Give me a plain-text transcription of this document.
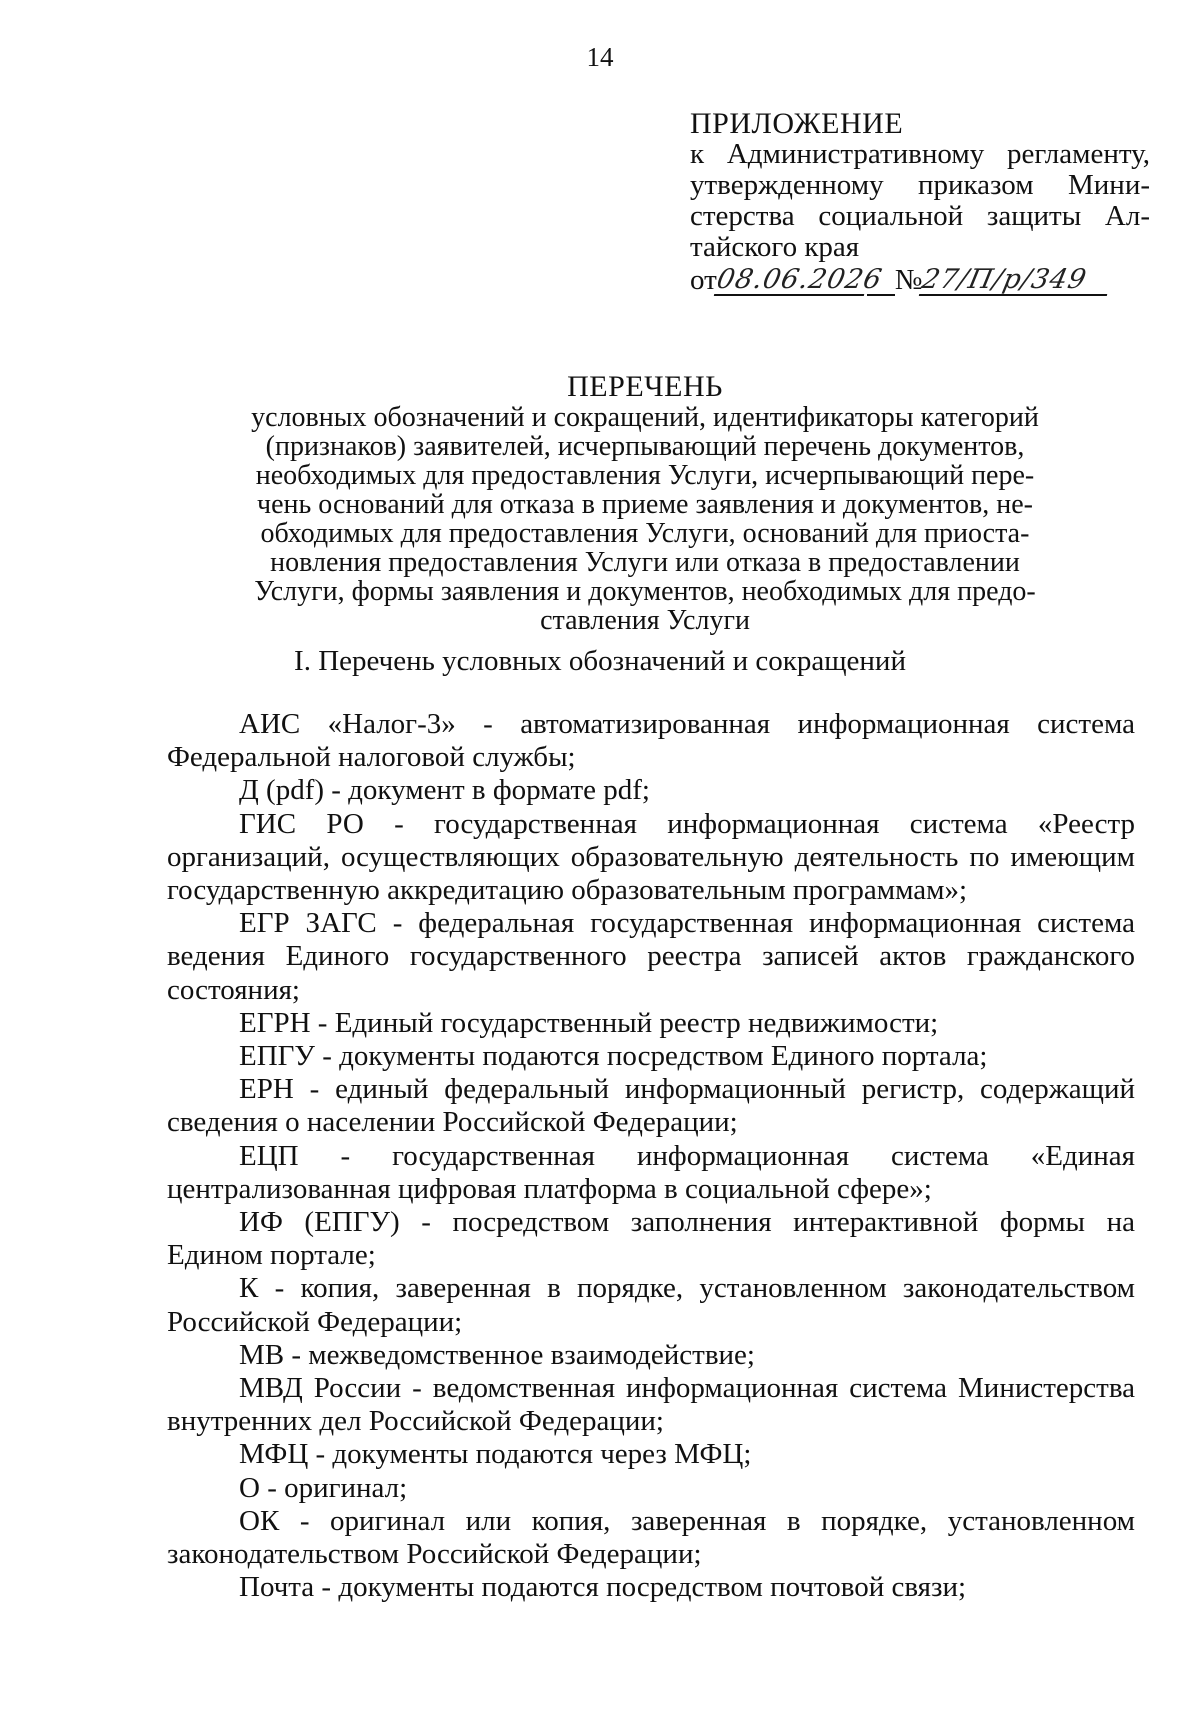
14
ПРИЛОЖЕНИЕ
к Административному регламенту,
утвержденному приказом Мини-
стерства социальной защиты Ал-
тайского края
от
08.06.2026 №
27/П/р/349
ПЕРЕЧЕНЬ
условных обозначений и сокращений, идентификаторы категорий
(признаков) заявителей, исчерпывающий перечень документов,
необходимых для предоставления Услуги, исчерпывающий пере-
чень оснований для отказа в приеме заявления и документов, не-
обходимых для предоставления Услуги, оснований для приоста-
новления предоставления Услуги или отказа в предоставлении
Услуги, формы заявления и документов, необходимых для предо-
ставления Услуги
I. Перечень условных обозначений и сокращений

АИС «Налог-3» - автоматизированная информационная система Федеральной налоговой службы;

Д (pdf) - документ в формате pdf;

ГИС РО - государственная информационная система «Реестр организаций, осуществляющих образовательную деятельность по имеющим государственную аккредитацию образовательным программам»;

ЕГР ЗАГС - федеральная государственная информационная система ведения Единого государственного реестра записей актов гражданского состояния;

ЕГРН - Единый государственный реестр недвижимости;

ЕПГУ - документы подаются посредством Единого портала;

ЕРН - единый федеральный информационный регистр, содержащий сведения о населении Российской Федерации;

ЕЦП - государственная информационная система «Единая централизованная цифровая платформа в социальной сфере»;

ИФ (ЕПГУ) - посредством заполнения интерактивной формы на Едином портале;

К - копия, заверенная в порядке, установленном законодательством Российской Федерации;

МВ - межведомственное взаимодействие;

МВД России - ведомственная информационная система Министерства внутренних дел Российской Федерации;

МФЦ - документы подаются через МФЦ;

О - оригинал;

ОК - оригинал или копия, заверенная в порядке, установленном законодательством Российской Федерации;

Почта - документы подаются посредством почтовой связи;
